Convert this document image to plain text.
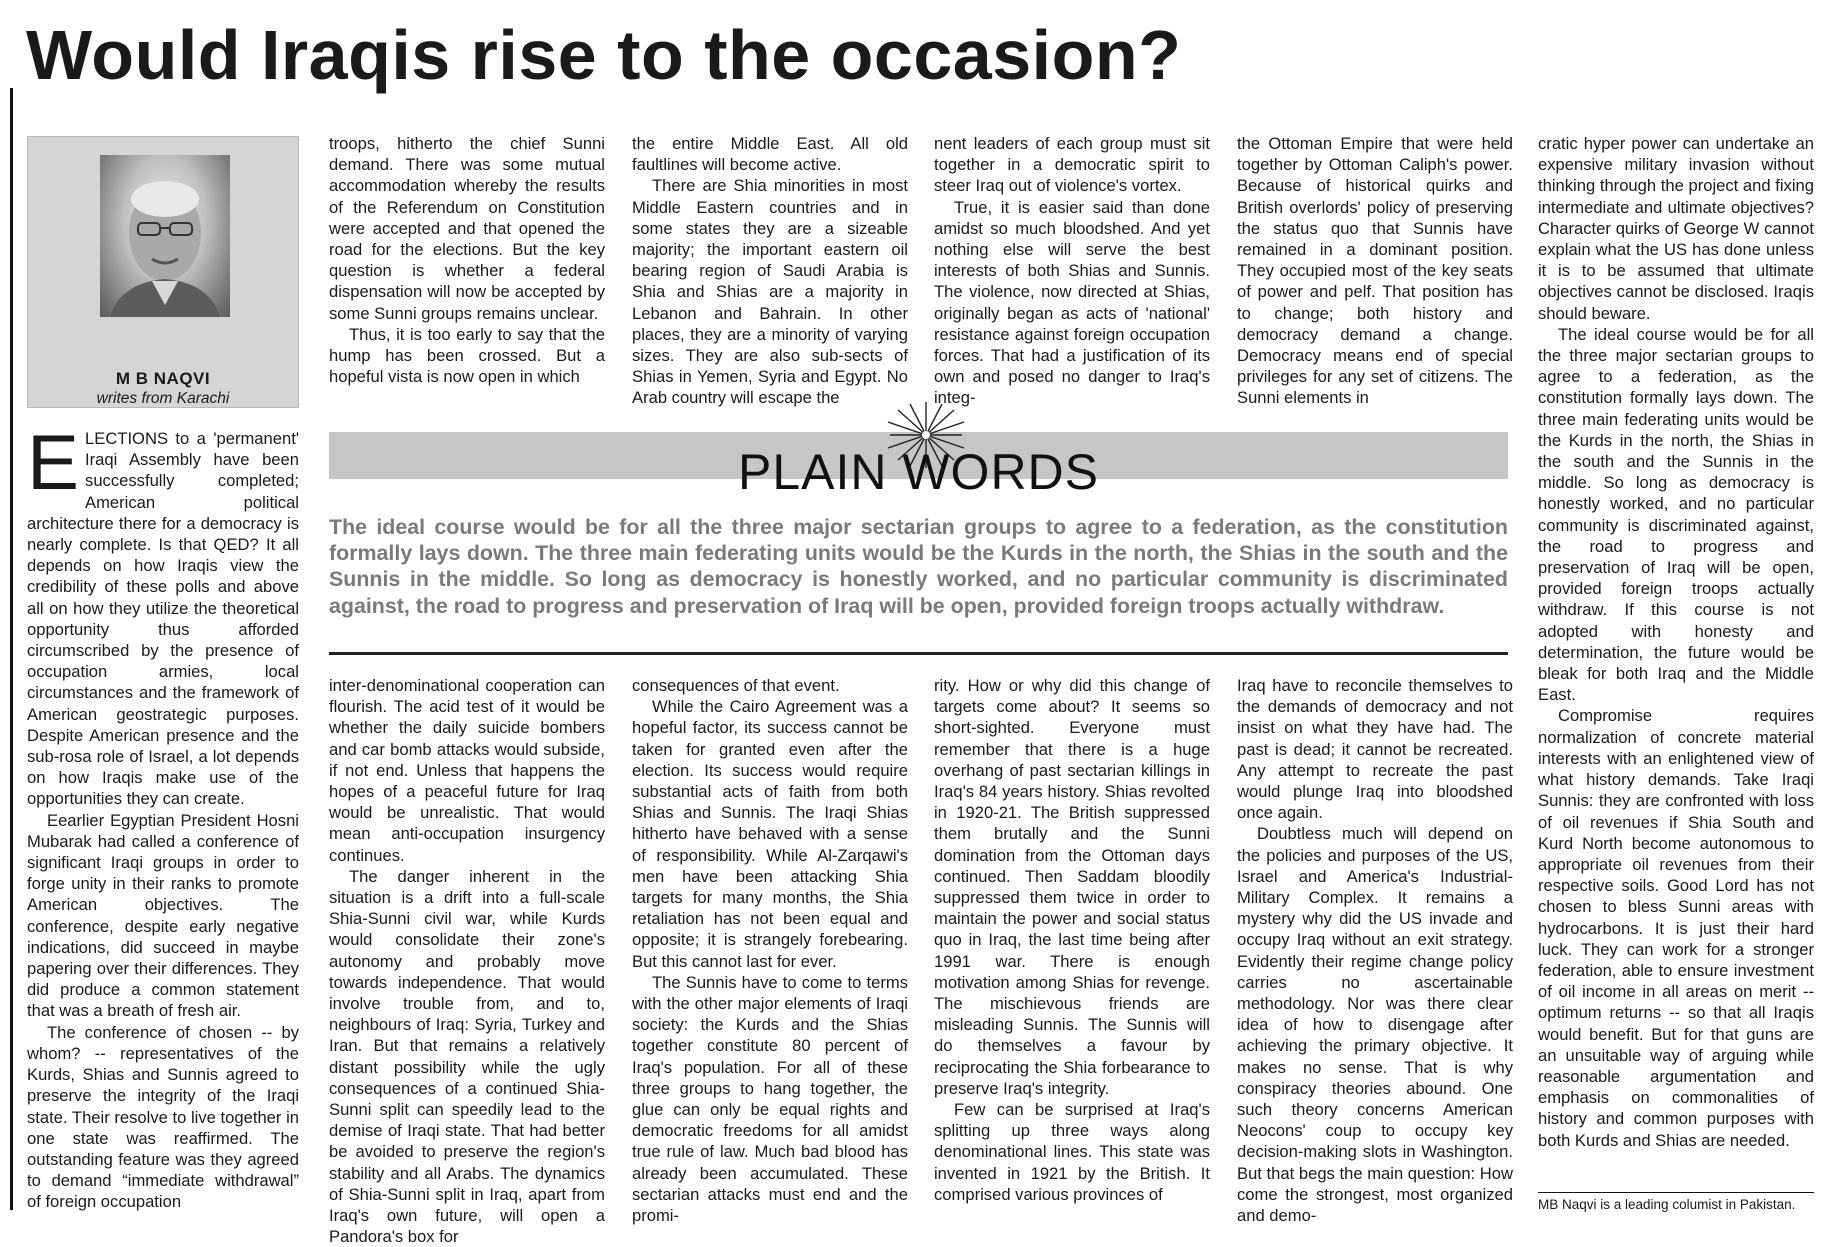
Would Iraqis rise to the occasion?
M B NAQVI
writes from Karachi

ELECTIONS to a 'permanent' Iraqi Assembly have been successfully completed; American political architecture there for a democracy is nearly complete. Is that QED? It all depends on how Iraqis view the credibility of these polls and above all on how they utilize the theoretical opportunity thus afforded circumscribed by the presence of occupation armies, local circumstances and the framework of American geostrategic purposes. Despite American presence and the sub-rosa role of Israel, a lot depends on how Iraqis make use of the opportunities they can create.

Eearlier Egyptian President Hosni Mubarak had called a conference of significant Iraqi groups in order to forge unity in their ranks to promote American objectives. The conference, despite early negative indications, did succeed in maybe papering over their differences. They did produce a common statement that was a breath of fresh air.

The conference of chosen -- by whom? -- representatives of the Kurds, Shias and Sunnis agreed to preserve the integrity of the Iraqi state. Their resolve to live together in one state was reaffirmed. The outstanding feature was they agreed to demand “immediate withdrawal” of foreign occupation

troops, hitherto the chief Sunni demand. There was some mutual accommodation whereby the results of the Referendum on Constitution were accepted and that opened the road for the elections. But the key question is whether a federal dispensation will now be accepted by some Sunni groups remains unclear.

Thus, it is too early to say that the hump has been crossed. But a hopeful vista is now open in which

the entire Middle East. All old faultlines will become active.

There are Shia minorities in most Middle Eastern countries and in some states they are a sizeable majority; the important eastern oil bearing region of Saudi Arabia is Shia and Shias are a majority in Lebanon and Bahrain. In other places, they are a minority of varying sizes. They are also sub-sects of Shias in Yemen, Syria and Egypt. No Arab country will escape the

nent leaders of each group must sit together in a democratic spirit to steer Iraq out of violence's vortex.

True, it is easier said than done amidst so much bloodshed. And yet nothing else will serve the best interests of both Shias and Sunnis. The violence, now directed at Shias, originally began as acts of 'national' resistance against foreign occupation forces. That had a justification of its own and posed no danger to Iraq's integ-

the Ottoman Empire that were held together by Ottoman Caliph's power. Because of historical quirks and British overlords' policy of preserving the status quo that Sunnis have remained in a dominant position. They occupied most of the key seats of power and pelf. That position has to change; both history and democracy demand a change. Democracy means end of special privileges for any set of citizens. The Sunni elements in

cratic hyper power can undertake an expensive military invasion without thinking through the project and fixing intermediate and ultimate objectives? Character quirks of George W cannot explain what the US has done unless it is to be assumed that ultimate objectives cannot be disclosed. Iraqis should beware.

The ideal course would be for all the three major sectarian groups to agree to a federation, as the constitution formally lays down. The three main federating units would be the Kurds in the north, the Shias in the south and the Sunnis in the middle. So long as democracy is honestly worked, and no particular community is discriminated against, the road to progress and preservation of Iraq will be open, provided foreign troops actually withdraw. If this course is not adopted with honesty and determination, the future would be bleak for both Iraq and the Middle East.

Compromise requires normalization of concrete material interests with an enlightened view of what history demands. Take Iraqi Sunnis: they are confronted with loss of oil revenues if Shia South and Kurd North become autonomous to appropriate oil revenues from their respective soils. Good Lord has not chosen to bless Sunni areas with hydrocarbons. It is just their hard luck. They can work for a stronger federation, able to ensure investment of oil income in all areas on merit -- optimum returns -- so that all Iraqis would benefit. But for that guns are an unsuitable way of arguing while reasonable argumentation and emphasis on commonalities of history and common purposes with both Kurds and Shias are needed.

PLAIN WORDS
The ideal course would be for all the three major sectarian groups to agree to a federation, as the constitution formally lays down. The three main federating units would be the Kurds in the north, the Shias in the south and the Sunnis in the middle. So long as democracy is honestly worked, and no particular community is discriminated against, the road to progress and preservation of Iraq will be open, provided foreign troops actually withdraw.

inter-denominational cooperation can flourish. The acid test of it would be whether the daily suicide bombers and car bomb attacks would subside, if not end. Unless that happens the hopes of a peaceful future for Iraq would be unrealistic. That would mean anti-occupation insurgency continues.

The danger inherent in the situation is a drift into a full-scale Shia-Sunni civil war, while Kurds would consolidate their zone's autonomy and probably move towards independence. That would involve trouble from, and to, neighbours of Iraq: Syria, Turkey and Iran. But that remains a relatively distant possibility while the ugly consequences of a continued Shia-Sunni split can speedily lead to the demise of Iraqi state. That had better be avoided to preserve the region's stability and all Arabs. The dynamics of Shia-Sunni split in Iraq, apart from Iraq's own future, will open a Pandora's box for

consequences of that event.

While the Cairo Agreement was a hopeful factor, its success cannot be taken for granted even after the election. Its success would require substantial acts of faith from both Shias and Sunnis. The Iraqi Shias hitherto have behaved with a sense of responsibility. While Al-Zarqawi's men have been attacking Shia targets for many months, the Shia retaliation has not been equal and opposite; it is strangely forebearing. But this cannot last for ever.

The Sunnis have to come to terms with the other major elements of Iraqi society: the Kurds and the Shias together constitute 80 percent of Iraq's population. For all of these three groups to hang together, the glue can only be equal rights and democratic freedoms for all amidst true rule of law. Much bad blood has already been accumulated. These sectarian attacks must end and the promi-

rity. How or why did this change of targets come about? It seems so short-sighted. Everyone must remember that there is a huge overhang of past sectarian killings in Iraq's 84 years history. Shias revolted in 1920-21. The British suppressed them brutally and the Sunni domination from the Ottoman days continued. Then Saddam bloodily suppressed them twice in order to maintain the power and social status quo in Iraq, the last time being after 1991 war. There is enough motivation among Shias for revenge. The mischievous friends are misleading Sunnis. The Sunnis will do themselves a favour by reciprocating the Shia forbearance to preserve Iraq's integrity.

Few can be surprised at Iraq's splitting up three ways along denominational lines. This state was invented in 1921 by the British. It comprised various provinces of

Iraq have to reconcile themselves to the demands of democracy and not insist on what they have had. The past is dead; it cannot be recreated. Any attempt to recreate the past would plunge Iraq into bloodshed once again.

Doubtless much will depend on the policies and purposes of the US, Israel and America's Industrial-Military Complex. It remains a mystery why did the US invade and occupy Iraq without an exit strategy. Evidently their regime change policy carries no ascertainable methodology. Nor was there clear idea of how to disengage after achieving the primary objective. It makes no sense. That is why conspiracy theories abound. One such theory concerns American Neocons' coup to occupy key decision-making slots in Washington. But that begs the main question: How come the strongest, most organized and demo-

MB Naqvi is a leading columist in Pakistan.
